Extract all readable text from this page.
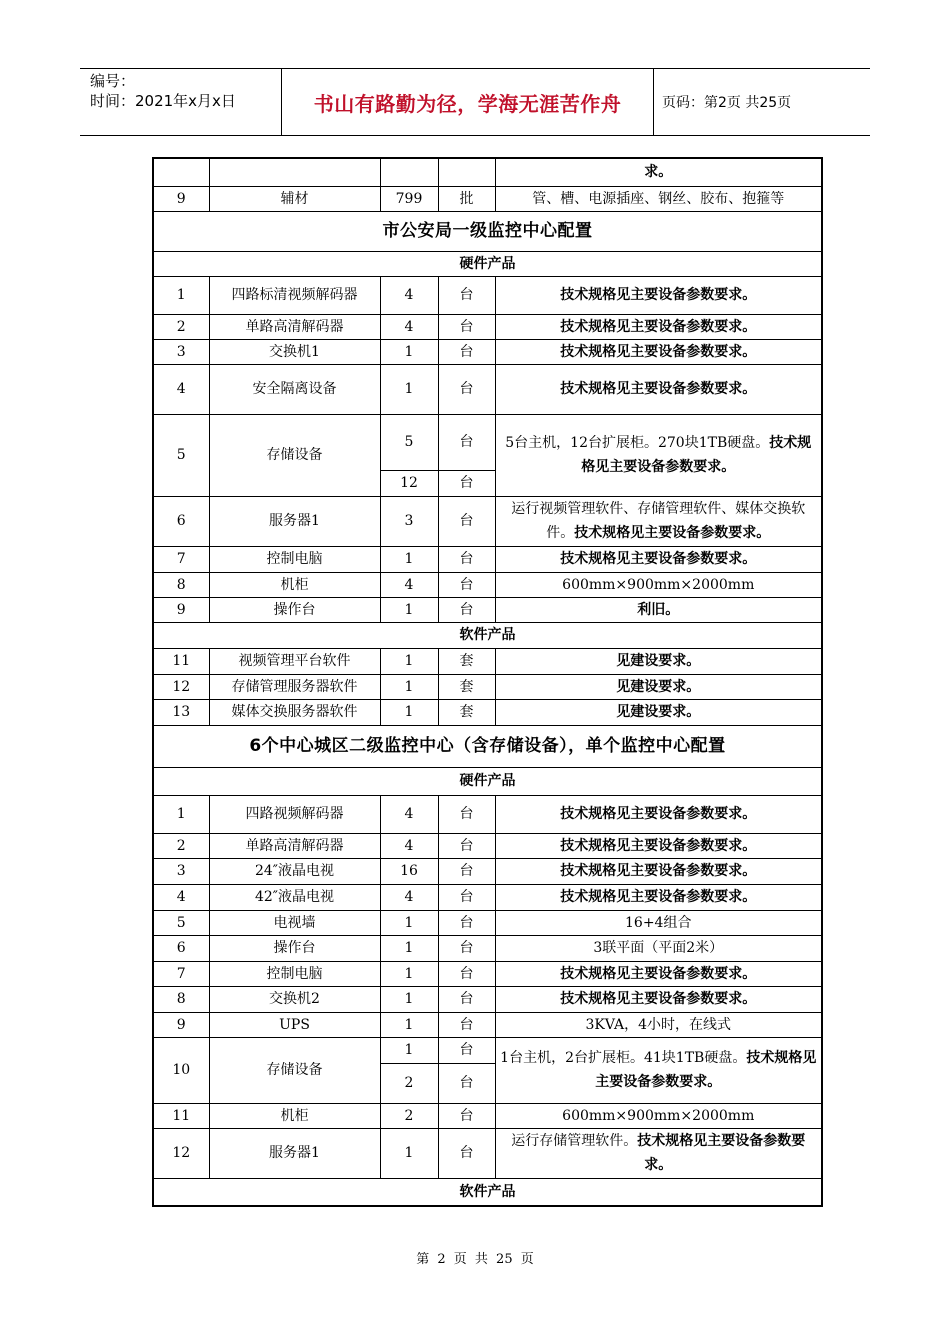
编号：
时间：2021年x月x日	书山有路勤为径，学海无涯苦作舟	页码：第2页 共25页
				求。
9	辅材	799	批	管、槽、电源插座、钢丝、胶布、抱箍等
市公安局一级监控中心配置				
硬件产品				
1	四路标清视频解码器	4	台	技术规格见主要设备参数要求。
2	单路高清解码器	4	台	技术规格见主要设备参数要求。
3	交换机1	1	台	技术规格见主要设备参数要求。
4	安全隔离设备	1	台	技术规格见主要设备参数要求。
5	存储设备	5	台	5台主机，12台扩展柜。270块1TB硬盘。技术规格见主要设备参数要求。
		12	台	
6	服务器1	3	台	运行视频管理软件、存储管理软件、媒体交换软件。技术规格见主要设备参数要求。
7	控制电脑	1	台	技术规格见主要设备参数要求。
8	机柜	4	台	600mm×900mm×2000mm
9	操作台	1	台	利旧。
软件产品				
11	视频管理平台软件	1	套	见建设要求。
12	存储管理服务器软件	1	套	见建设要求。
13	媒体交换服务器软件	1	套	见建设要求。
6个中心城区二级监控中心（含存储设备），单个监控中心配置				
硬件产品				
1	四路视频解码器	4	台	技术规格见主要设备参数要求。
2	单路高清解码器	4	台	技术规格见主要设备参数要求。
3	24″液晶电视	16	台	技术规格见主要设备参数要求。
4	42″液晶电视	4	台	技术规格见主要设备参数要求。
5	电视墙	1	台	16+4组合
6	操作台	1	台	3联平面（平面2米）
7	控制电脑	1	台	技术规格见主要设备参数要求。
8	交换机2	1	台	技术规格见主要设备参数要求。
9	UPS	1	台	3KVA，4小时，在线式
10	存储设备	1	台	1台主机，2台扩展柜。41块1TB硬盘。技术规格见主要设备参数要求。
		2	台	
11	机柜	2	台	600mm×900mm×2000mm
12	服务器1	1	台	运行存储管理软件。技术规格见主要设备参数要求。
软件产品				
第 2 页 共 25 页
